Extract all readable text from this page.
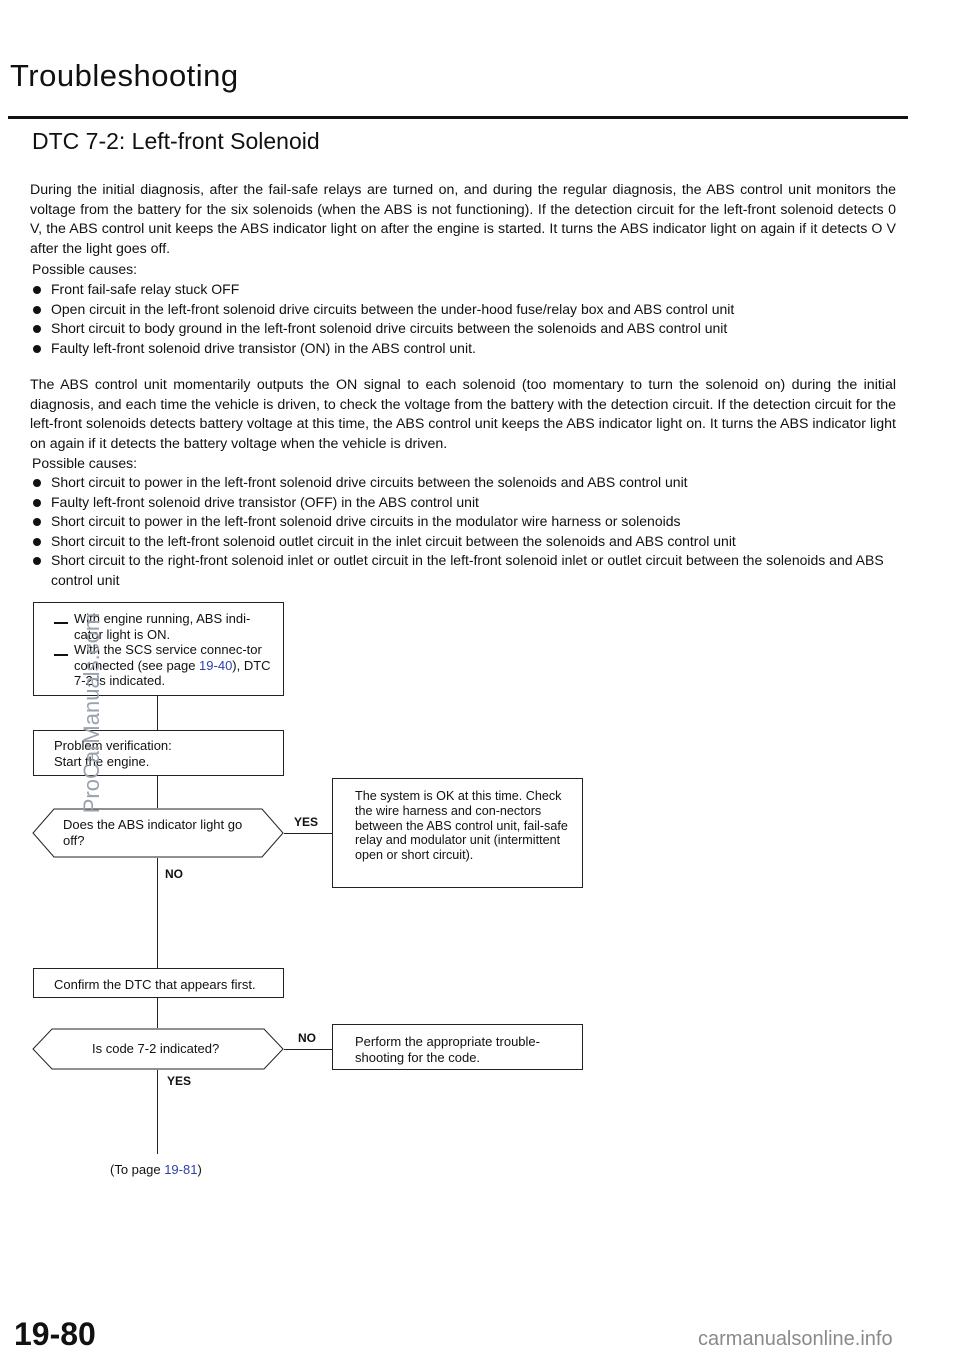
Troubleshooting
DTC 7-2: Left-front Solenoid
During the initial diagnosis, after the fail-safe relays are turned on, and during the regular diagnosis, the ABS control unit monitors the voltage from the battery for the six solenoids (when the ABS is not functioning). If the detection circuit for the left-front solenoid detects 0 V, the ABS control unit keeps the ABS indicator light on after the engine is started. It turns the ABS indicator light on again if it detects O V after the light goes off.
Possible causes:
Front fail-safe relay stuck OFF
Open circuit in the left-front solenoid drive circuits between the under-hood fuse/relay box and ABS control unit
Short circuit to body ground in the left-front solenoid drive circuits between the solenoids and ABS control unit
Faulty left-front solenoid drive transistor (ON) in the ABS control unit.
The ABS control unit momentarily outputs the ON signal to each solenoid (too momentary to turn the solenoid on) during the initial diagnosis, and each time the vehicle is driven, to check the voltage from the battery with the detection circuit. If the detection circuit for the left-front solenoids detects battery voltage at this time, the ABS control unit keeps the ABS indicator light on. It turns the ABS indicator light on again if it detects the battery voltage when the vehicle is driven.
Possible causes:
Short circuit to power in the left-front solenoid drive circuits between the solenoids and ABS control unit
Faulty left-front solenoid drive transistor (OFF) in the ABS control unit
Short circuit to power in the left-front solenoid drive circuits in the modulator wire harness or solenoids
Short circuit to the left-front solenoid outlet circuit in the inlet circuit between the solenoids and ABS control unit
Short circuit to the right-front solenoid inlet or outlet circuit in the left-front solenoid inlet or outlet circuit between the solenoids and ABS control unit
With engine running, ABS indi-cator light is ON.
With the SCS service connec-tor connected (see page 19-40), DTC 7-2 is indicated.
Problem verification:
Start the engine.
Does the ABS indicator light go off?
YES
NO
The system is OK at this time. Check the wire harness and con-nectors between the ABS control unit, fail-safe relay and modulator unit (intermittent open or short circuit).
Confirm the DTC that appears first.
Is code 7-2 indicated?
NO
YES
Perform the appropriate trouble-shooting for the code.
(To page 19-81)
ProCarManuals.com
19-80	carmanualsonline.info
